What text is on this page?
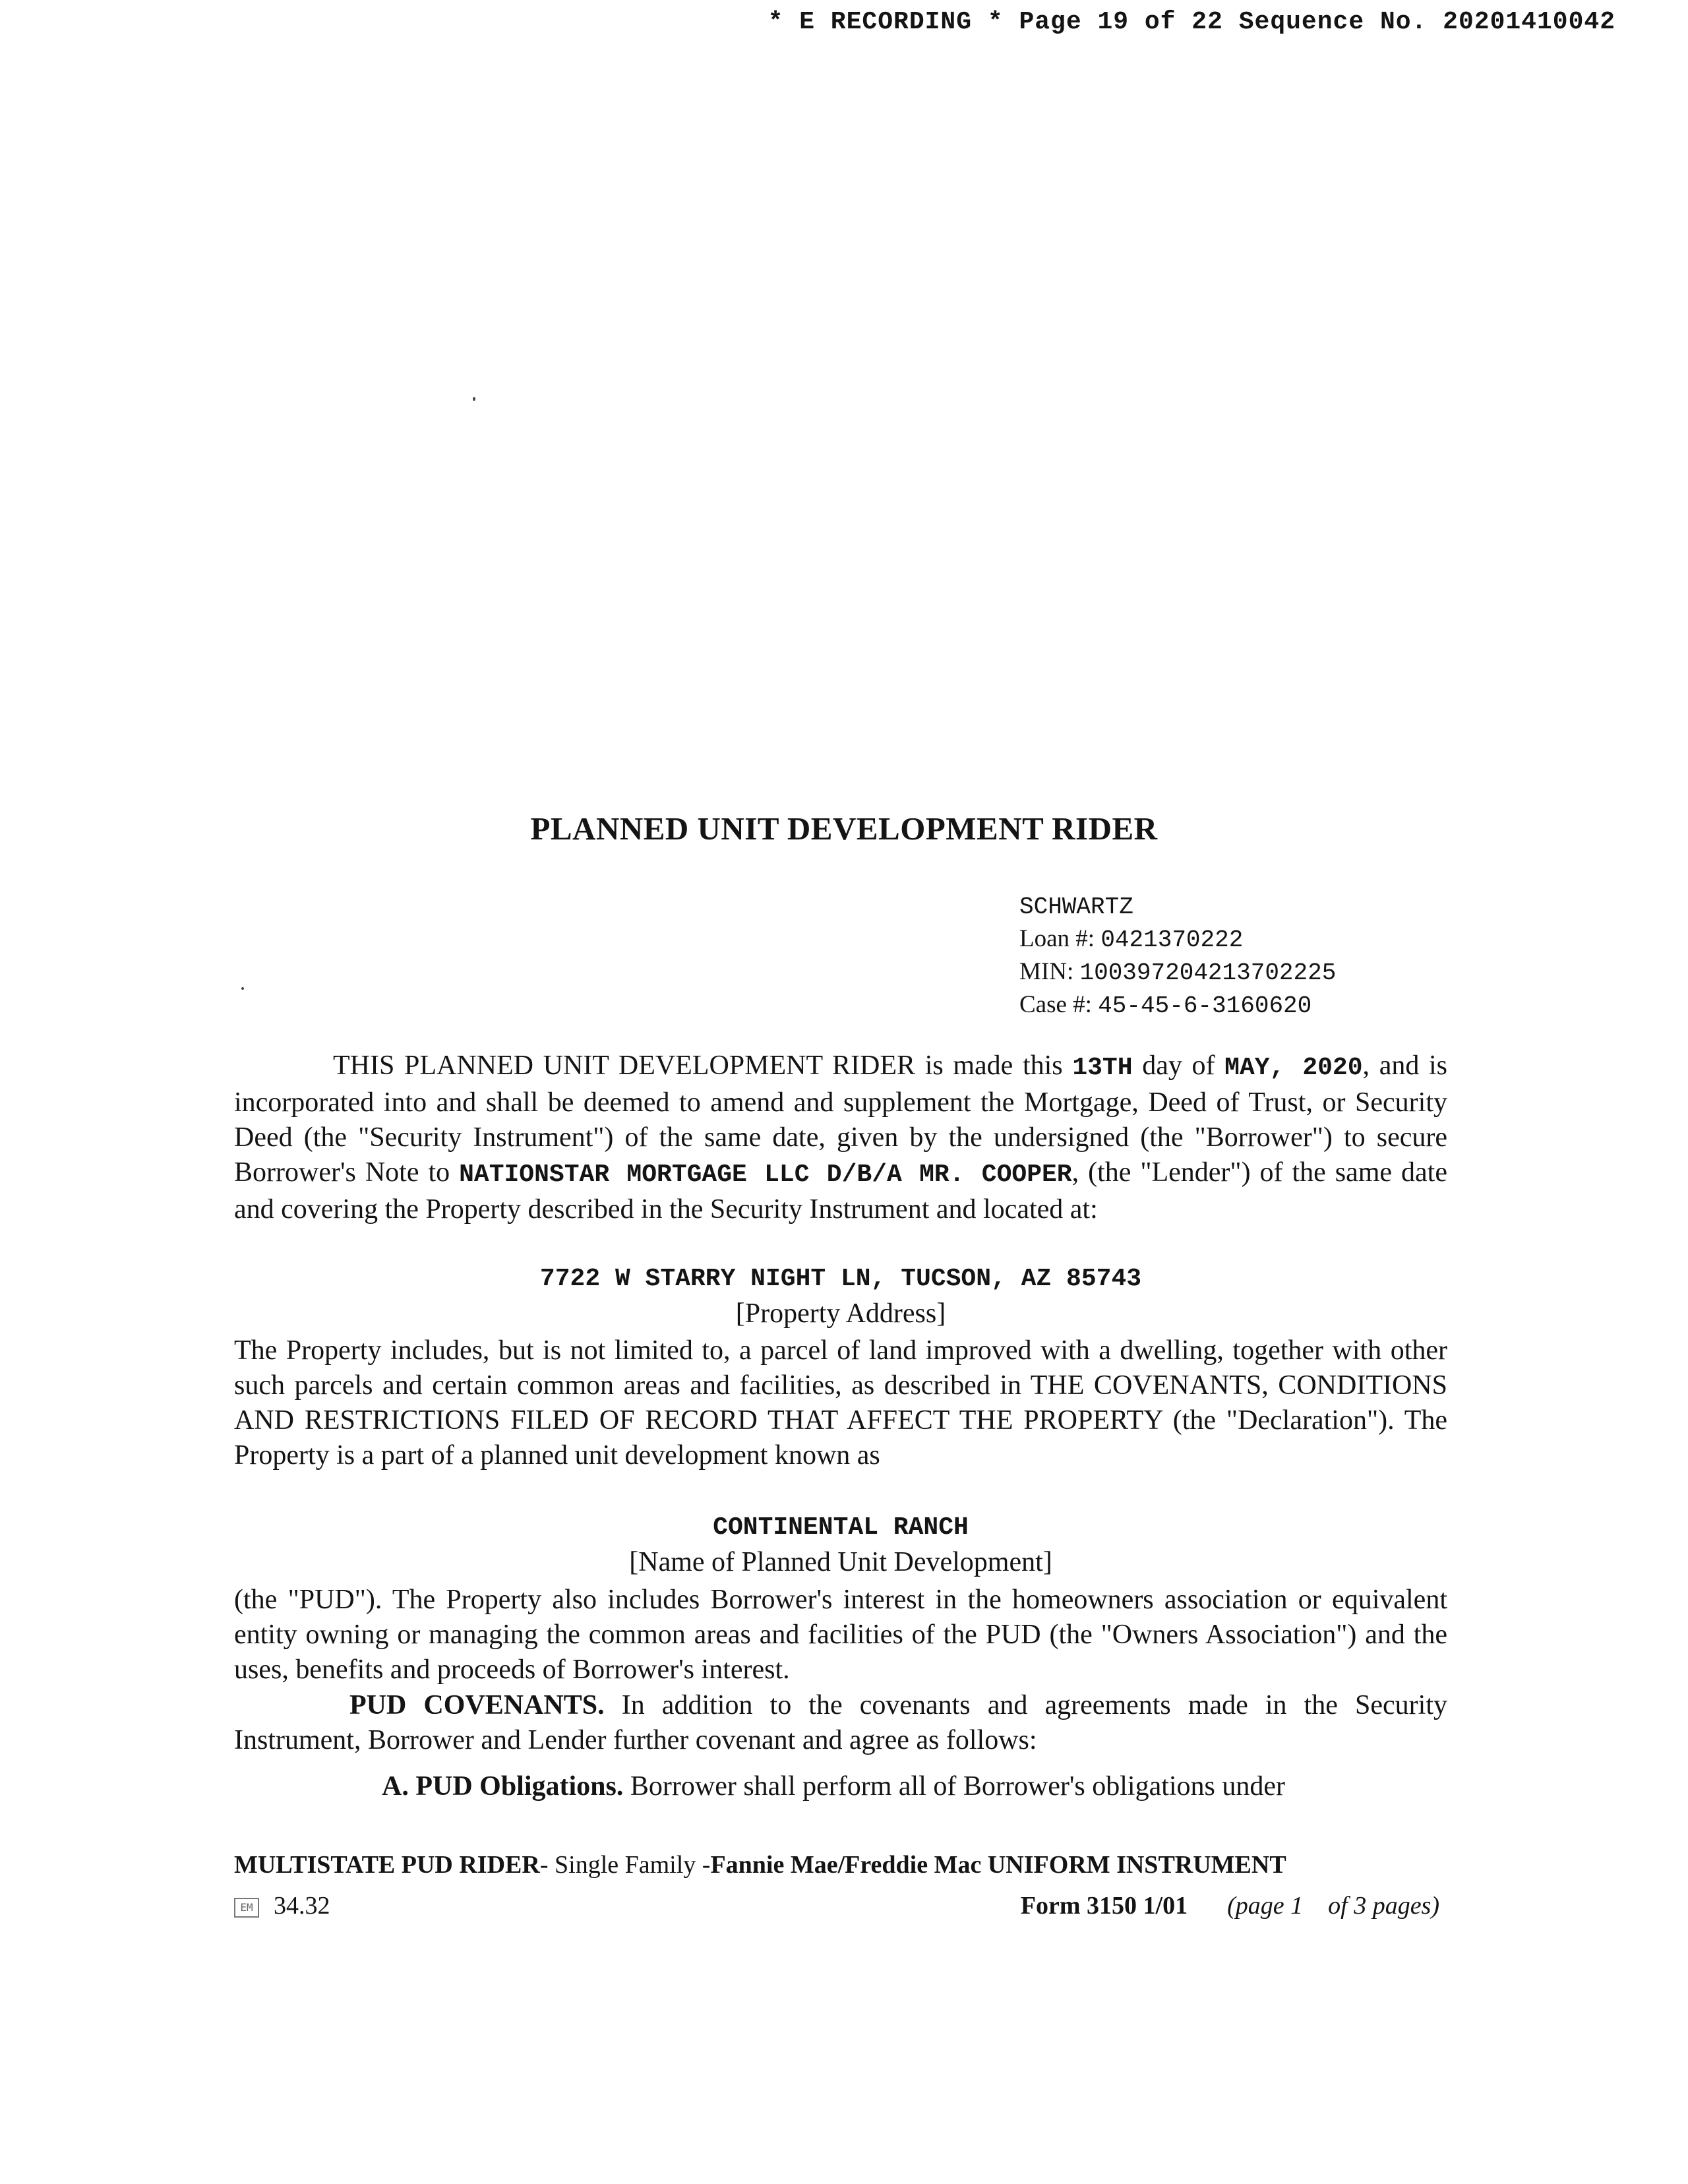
* E RECORDING * Page 19 of 22 Sequence No. 20201410042
PLANNED UNIT DEVELOPMENT RIDER
SCHWARTZ
Loan #: 0421370222
MIN: 100397204213702225
Case #: 45-45-6-3160620
THIS PLANNED UNIT DEVELOPMENT RIDER is made this 13TH day of MAY, 2020, and is incorporated into and shall be deemed to amend and supplement the Mortgage, Deed of Trust, or Security Deed (the "Security Instrument") of the same date, given by the undersigned (the "Borrower") to secure Borrower's Note to NATIONSTAR MORTGAGE LLC D/B/A MR. COOPER, (the "Lender") of the same date and covering the Property described in the Security Instrument and located at:
7722 W STARRY NIGHT LN, TUCSON, AZ 85743
[Property Address]
The Property includes, but is not limited to, a parcel of land improved with a dwelling, together with other such parcels and certain common areas and facilities, as described in THE COVENANTS, CONDITIONS AND RESTRICTIONS FILED OF RECORD THAT AFFECT THE PROPERTY (the "Declaration"). The Property is a part of a planned unit development known as
CONTINENTAL RANCH
[Name of Planned Unit Development]
(the "PUD"). The Property also includes Borrower's interest in the homeowners association or equivalent entity owning or managing the common areas and facilities of the PUD (the "Owners Association") and the uses, benefits and proceeds of Borrower's interest.
PUD COVENANTS. In addition to the covenants and agreements made in the Security Instrument, Borrower and Lender further covenant and agree as follows:
A. PUD Obligations. Borrower shall perform all of Borrower's obligations under
MULTISTATE PUD RIDER- Single Family -Fannie Mae/Freddie Mac UNIFORM INSTRUMENT
EM 34.32	Form 3150 1/01 (page 1    of 3 pages)
